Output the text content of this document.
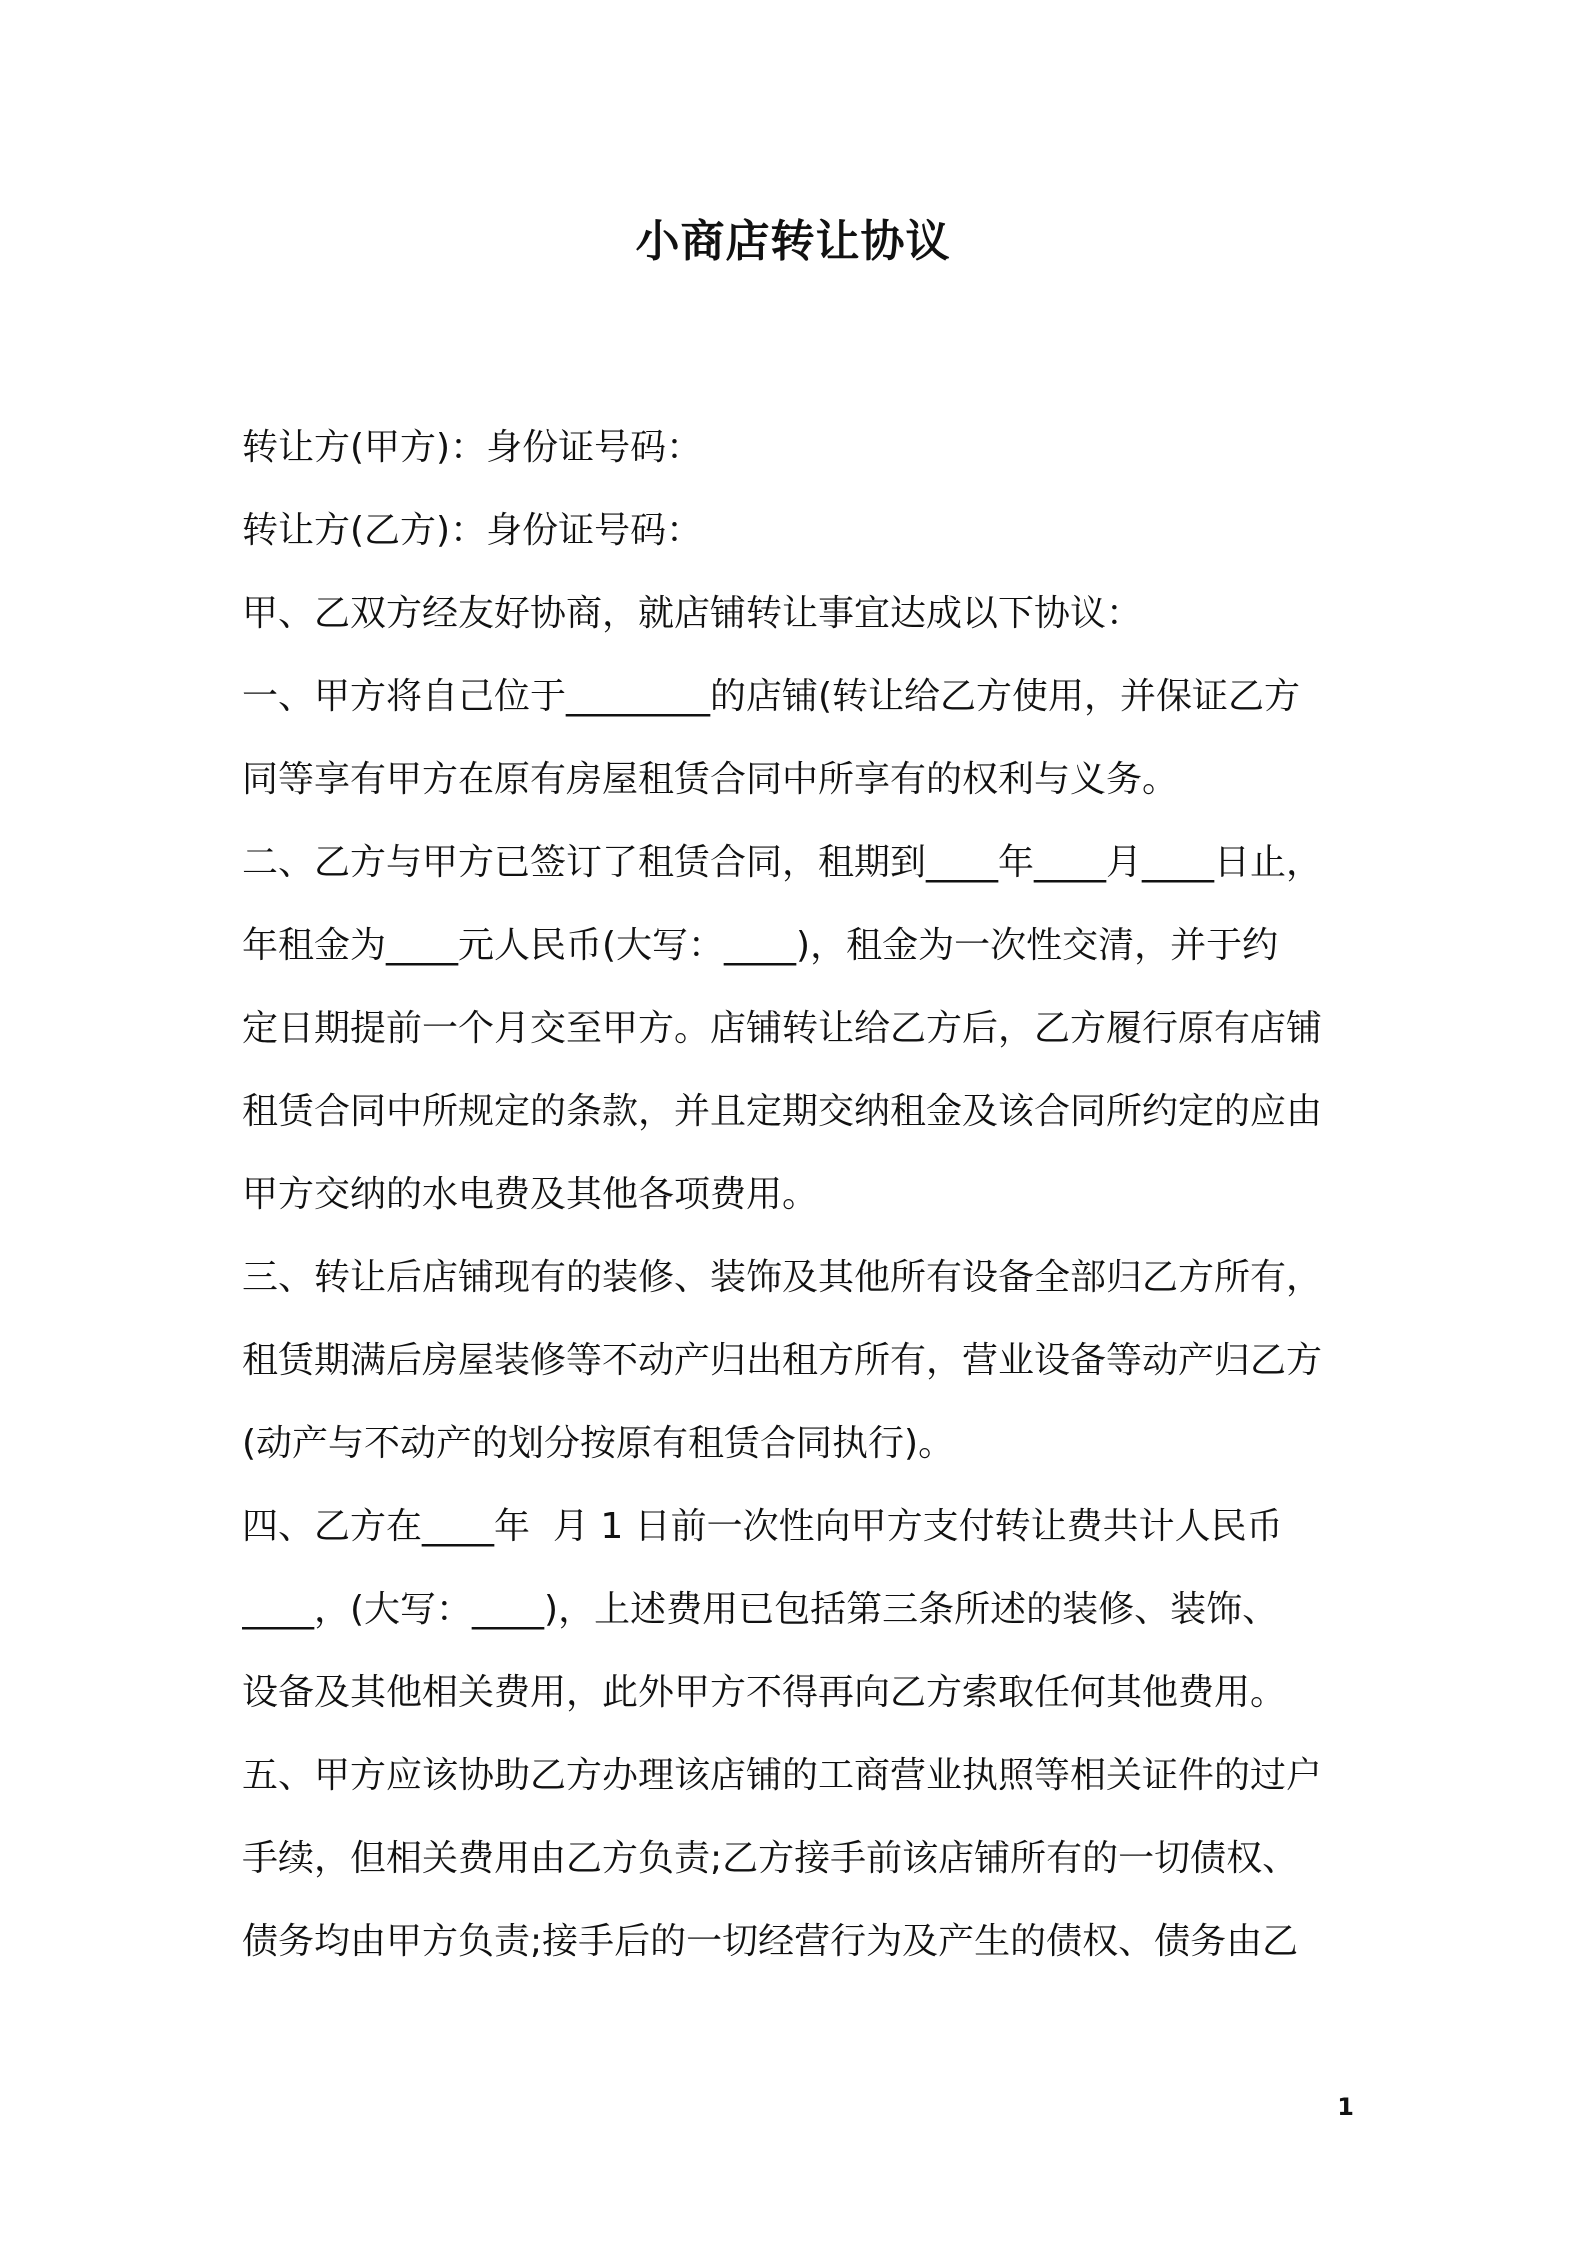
小商店转让协议
转让方(甲方)：身份证号码：
转让方(乙方)：身份证号码：
甲、乙双方经友好协商，就店铺转让事宜达成以下协议：
一、甲方将自己位于________的店铺(转让给乙方使用，并保证乙方
同等享有甲方在原有房屋租赁合同中所享有的权利与义务。
二、乙方与甲方已签订了租赁合同，租期到____年____月____日止，
年租金为____元人民币(大写：____)，租金为一次性交清，并于约
定日期提前一个月交至甲方。店铺转让给乙方后，乙方履行原有店铺
租赁合同中所规定的条款，并且定期交纳租金及该合同所约定的应由
甲方交纳的水电费及其他各项费用。
三、转让后店铺现有的装修、装饰及其他所有设备全部归乙方所有，
租赁期满后房屋装修等不动产归出租方所有，营业设备等动产归乙方
(动产与不动产的划分按原有租赁合同执行)。
四、乙方在____年  月 1 日前一次性向甲方支付转让费共计人民币
____，(大写：____)，上述费用已包括第三条所述的装修、装饰、
设备及其他相关费用，此外甲方不得再向乙方索取任何其他费用。
五、甲方应该协助乙方办理该店铺的工商营业执照等相关证件的过户
手续，但相关费用由乙方负责;乙方接手前该店铺所有的一切债权、
债务均由甲方负责;接手后的一切经营行为及产生的债权、债务由乙
1
